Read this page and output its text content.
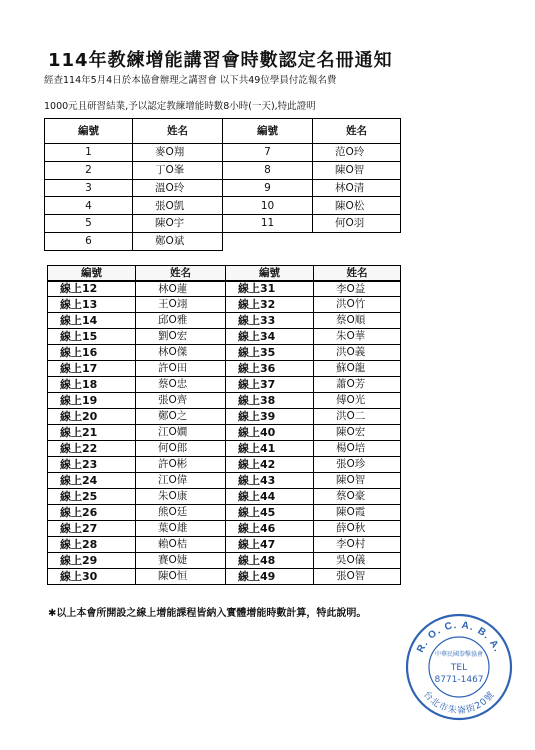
114年教練增能講習會時數認定名冊通知
經查114年5月4日於本協會辦理之講習會 以下共49位學員付訖報名費
1000元且研習結業,予以認定教練增能時數8小時(一天),特此證明
編號	姓名	編號	姓名
1	麥O翔	7	范O玲
2	丁O峯	8	陳O智
3	溫O玲	9	林O清
4	張O凱	10	陳O松
5	陳O宇	11	何O羽
6	鄭O斌		
編號	姓名	編號	姓名
線上12	林O蓮	線上31	李O益
線上13	王O翊	線上32	洪O竹
線上14	邱O雅	線上33	蔡O順
線上15	劉O宏	線上34	朱O華
線上16	林O傑	線上35	洪O義
線上17	許O田	線上36	蘇O龍
線上18	蔡O忠	線上37	蕭O芳
線上19	張O齊	線上38	傅O光
線上20	鄭O之	線上39	洪O二
線上21	江O嫺	線上40	陳O宏
線上22	何O郎	線上41	楊O培
線上23	許O彬	線上42	張O珍
線上24	江O偉	線上43	陳O智
線上25	朱O康	線上44	蔡O豪
線上26	熊O廷	線上45	陳O霞
線上27	葉O雄	線上46	薛O秋
線上28	賴O桔	線上47	李O村
線上29	賽O婕	線上48	吳O儀
線上30	陳O恒	線上49	張O智
✱以上本會所開設之線上增能課程皆納入實體增能時數計算，特此說明。
R. O. C. A. B. A.
中華民國拳擊協會
TEL
8771-1467
台北市朱崙街20號
